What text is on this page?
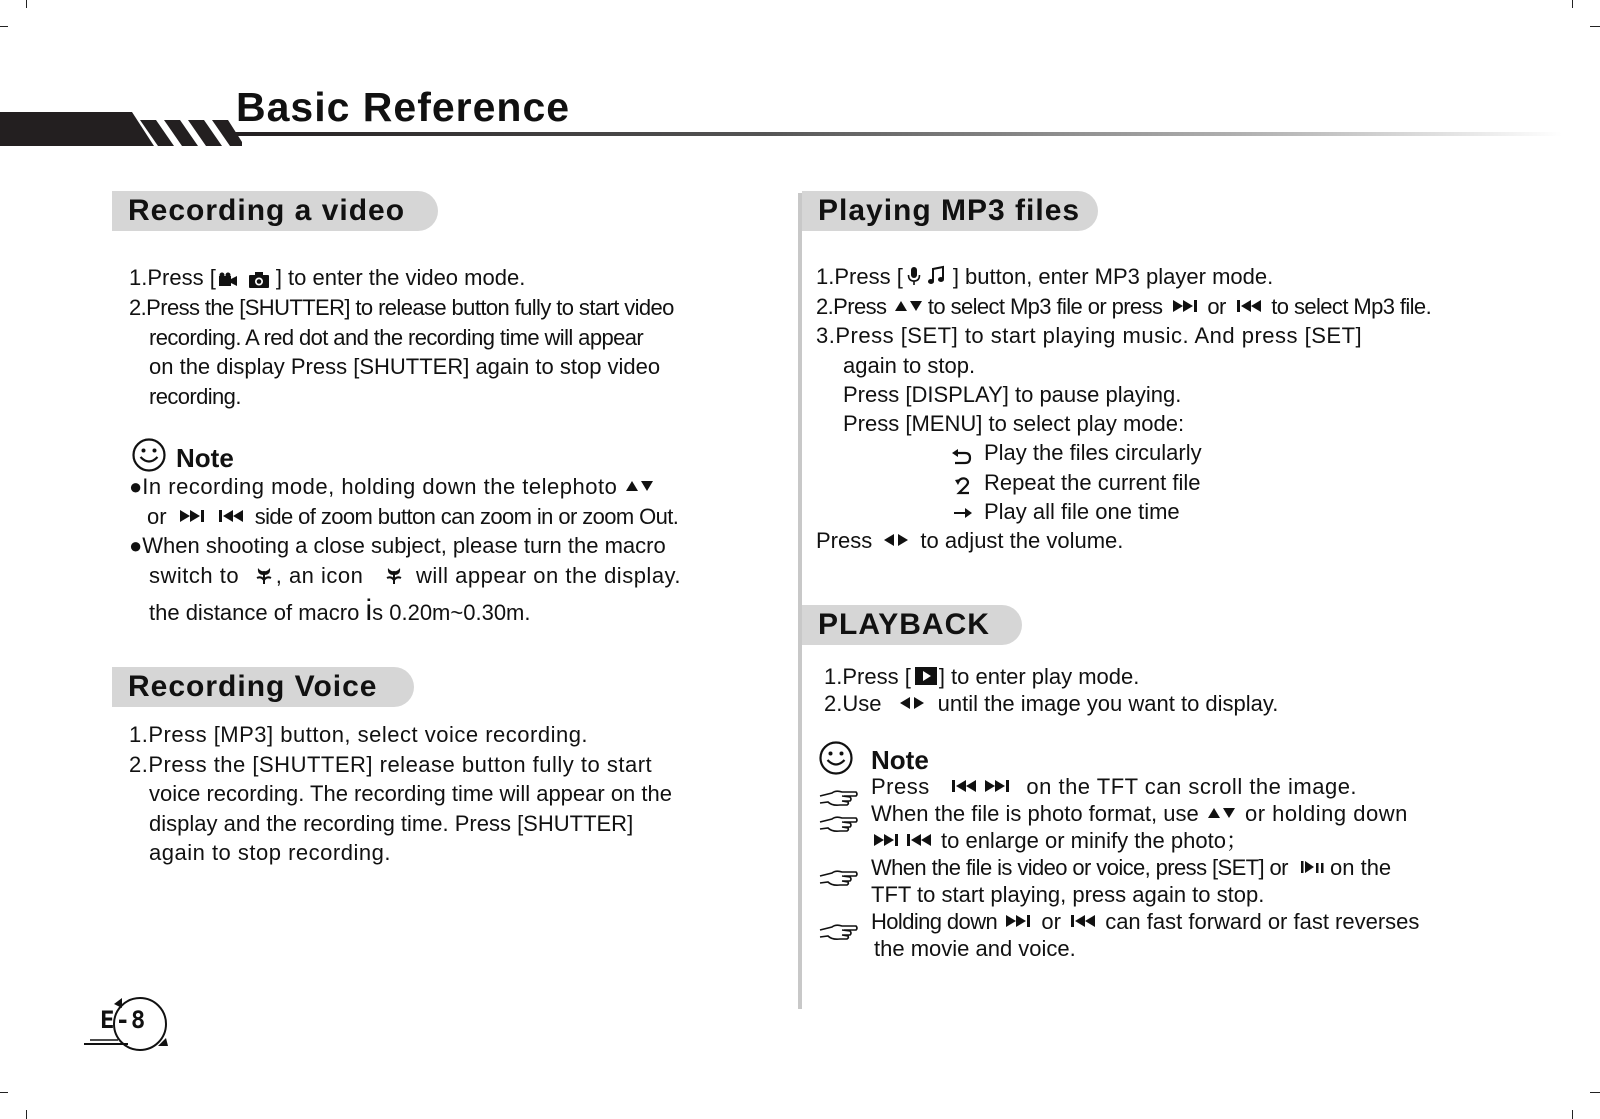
Basic Reference
Recording a video
1.Press [	] to enter the video mode.
2.Press the [SHUTTER] to release button fully to start video
recording. A red dot and the recording time will appear
on the display Press [SHUTTER] again to stop video
recording.
Note
●In recording mode, holding down the telephoto
or	side of zoom button can zoom in or zoom Out.
●When shooting a close subject, please turn the macro
switch to , an icon will appear on the display.
the distance of macro is 0.20m~0.30m.
Recording Voice
1.Press [MP3] button, select voice recording.
2.Press the [SHUTTER] release button fully to start
voice recording. The recording time will appear on the
display and the recording time. Press [SHUTTER]
again to stop recording.
E-8
Playing MP3 files
1.Press [ ] button, enter MP3 player mode.
2.Press to select Mp3 file or press or to select Mp3 file.
3.Press [SET] to start playing music. And press [SET]
again to stop.
Press [DISPLAY] to pause playing.
Press [MENU] to select play mode:
Play the files circularly
Repeat the current file
Play all file one time
Press to adjust the volume.
PLAYBACK
1.Press [ ] to enter play mode.
2.Use	until the image you want to display.
Note
Press	on the TFT can scroll the image.
When the file is photo format, use or holding down
to enlarge or minify the photo；
When the file is video or voice, press [SET] or on the
TFT to start playing, press again to stop.
Holding down or can fast forward or fast reverses
the movie and voice.
